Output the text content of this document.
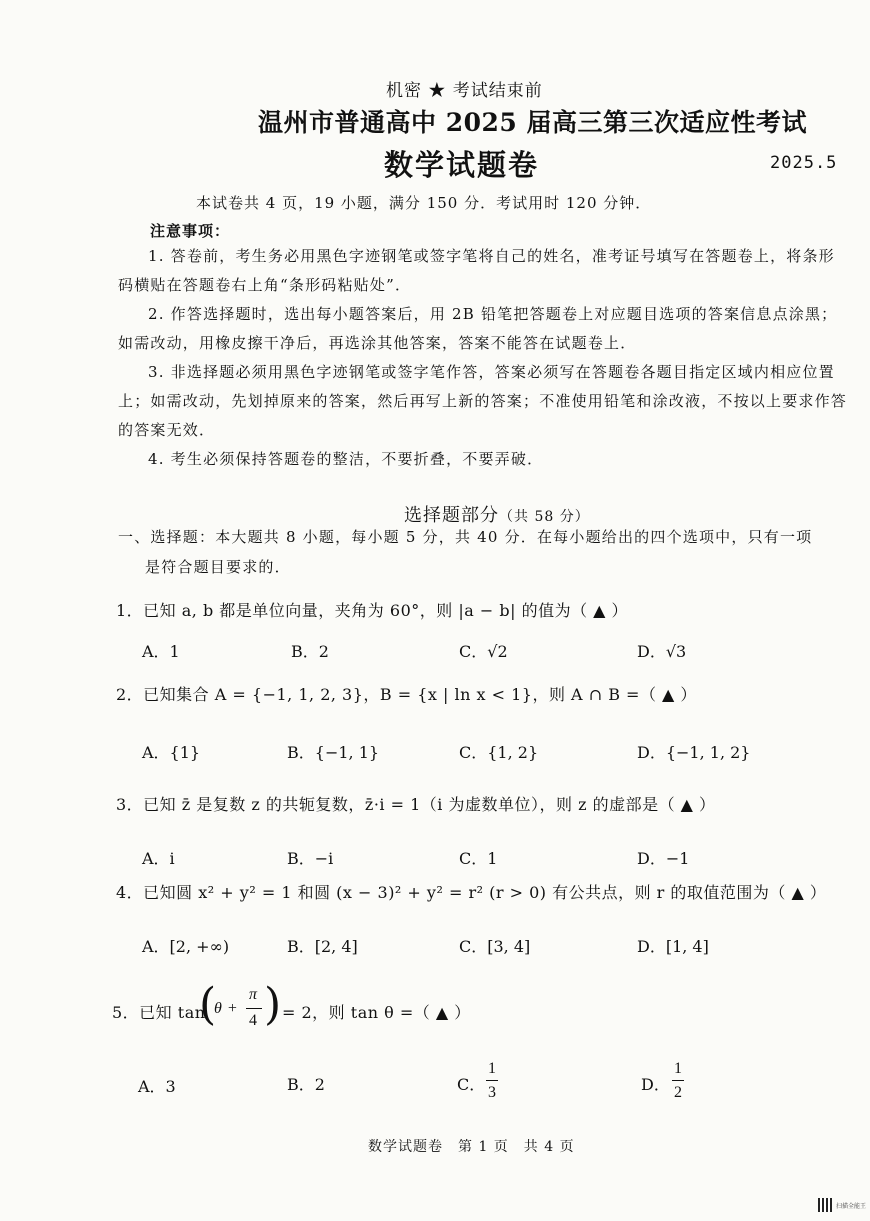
机密 ★ 考试结束前
温州市普通高中 2025 届高三第三次适应性考试
数学试题卷	2025.5
本试卷共 4 页，19 小题，满分 150 分．考试用时 120 分钟．
注意事项：
1. 答卷前，考生务必用黑色字迹钢笔或签字笔将自己的姓名，准考证号填写在答题卷上，将条形码横贴在答题卷右上角“条形码粘贴处”．
2. 作答选择题时，选出每小题答案后，用 2B 铅笔把答题卷上对应题目选项的答案信息点涂黑；如需改动，用橡皮擦干净后，再选涂其他答案，答案不能答在试题卷上．
3. 非选择题必须用黑色字迹钢笔或签字笔作答，答案必须写在答题卷各题目指定区域内相应位置上；如需改动，先划掉原来的答案，然后再写上新的答案；不准使用铅笔和涂改液，不按以上要求作答的答案无效．
4. 考生必须保持答题卷的整洁，不要折叠，不要弄破．
选择题部分（共 58 分）
一、选择题：本大题共 8 小题，每小题 5 分，共 40 分．在每小题给出的四个选项中，只有一项
是符合题目要求的．
1．已知 a, b 都是单位向量，夹角为 60°，则 |a − b| 的值为（ ▲ ）
A．1	B．2	C．√2	D．√3
2．已知集合 A = {−1, 1, 2, 3}，B = {x | ln x < 1}，则 A ∩ B =（ ▲ ）
A．{1}	B．{−1, 1}	C．{1, 2}	D．{−1, 1, 2}
3．已知 z̄ 是复数 z 的共轭复数，z̄·i = 1（i 为虚数单位），则 z 的虚部是（ ▲ ）
A．i	B．−i	C．1	D．−1
4．已知圆 x² + y² = 1 和圆 (x − 3)² + y² = r² (r > 0) 有公共点，则 r 的取值范围为（ ▲ ）
A．[2, +∞)	B．[2, 4]	C．[3, 4]	D．[1, 4]
5．已知 tan
(
θ +
π
4 ) = 2，则 tan θ =（ ▲ ）
A．3	B．2	C．
1
3	D．
1
2
数学试题卷　第 1 页　共 4 页
扫描全能王
